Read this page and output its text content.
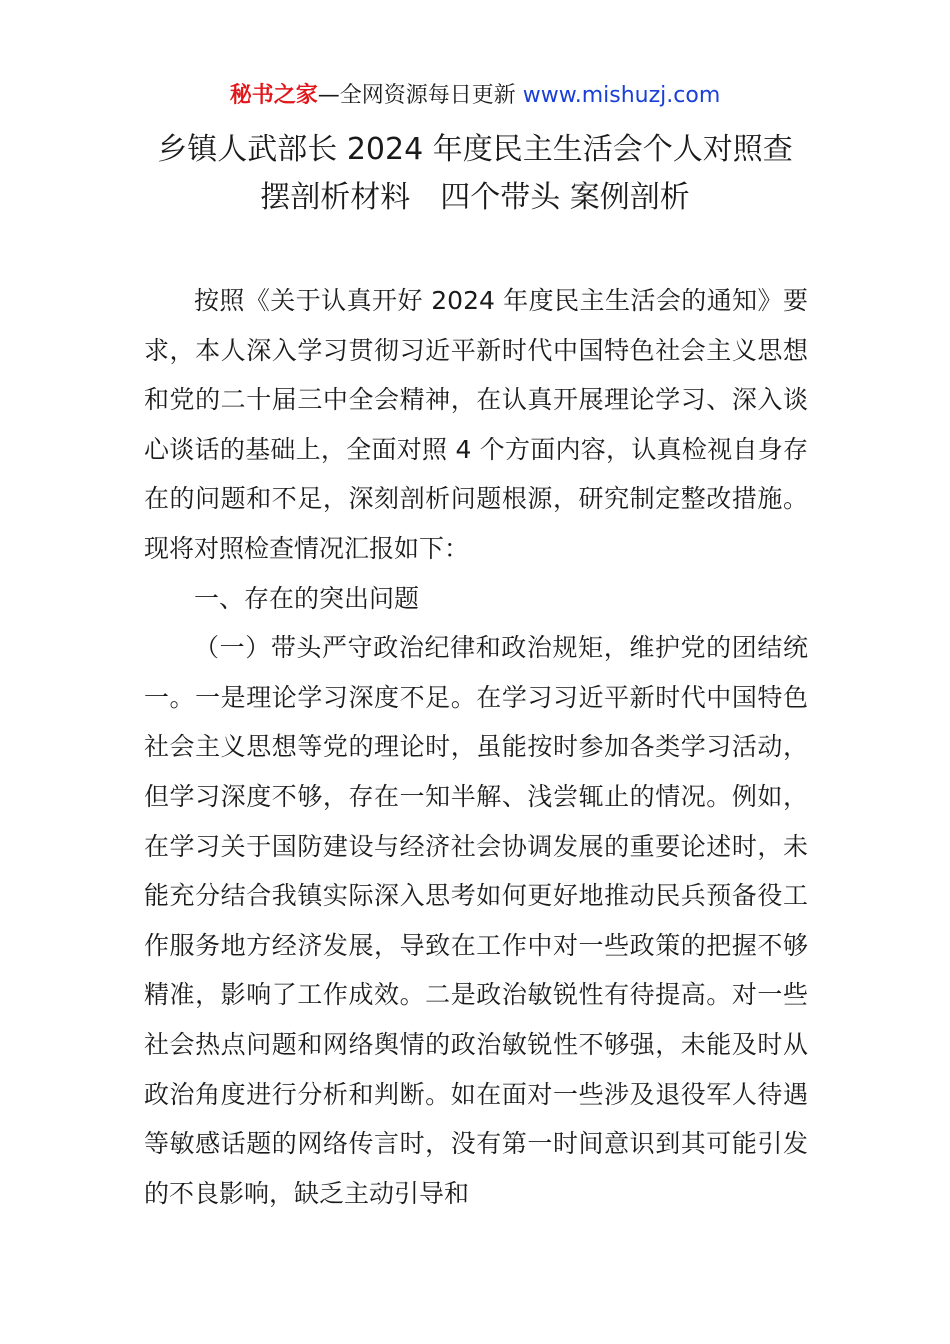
秘书之家—全网资源每日更新 www.mishuzj.com
乡镇人武部长 2024 年度民主生活会个人对照查
摆剖析材料　四个带头 案例剖析

按照《关于认真开好 2024 年度民主生活会的通知》要求，本人深入学习贯彻习近平新时代中国特色社会主义思想和党的二十届三中全会精神，在认真开展理论学习、深入谈心谈话的基础上，全面对照 4 个方面内容，认真检视自身存在的问题和不足，深刻剖析问题根源，研究制定整改措施。现将对照检查情况汇报如下：

一、存在的突出问题

（一）带头严守政治纪律和政治规矩，维护党的团结统一。一是理论学习深度不足。在学习习近平新时代中国特色社会主义思想等党的理论时，虽能按时参加各类学习活动，但学习深度不够，存在一知半解、浅尝辄止的情况。例如，在学习关于国防建设与经济社会协调发展的重要论述时，未能充分结合我镇实际深入思考如何更好地推动民兵预备役工作服务地方经济发展，导致在工作中对一些政策的把握不够精准，影响了工作成效。二是政治敏锐性有待提高。对一些社会热点问题和网络舆情的政治敏锐性不够强，未能及时从政治角度进行分析和判断。如在面对一些涉及退役军人待遇等敏感话题的网络传言时，没有第一时间意识到其可能引发的不良影响，缺乏主动引导和
